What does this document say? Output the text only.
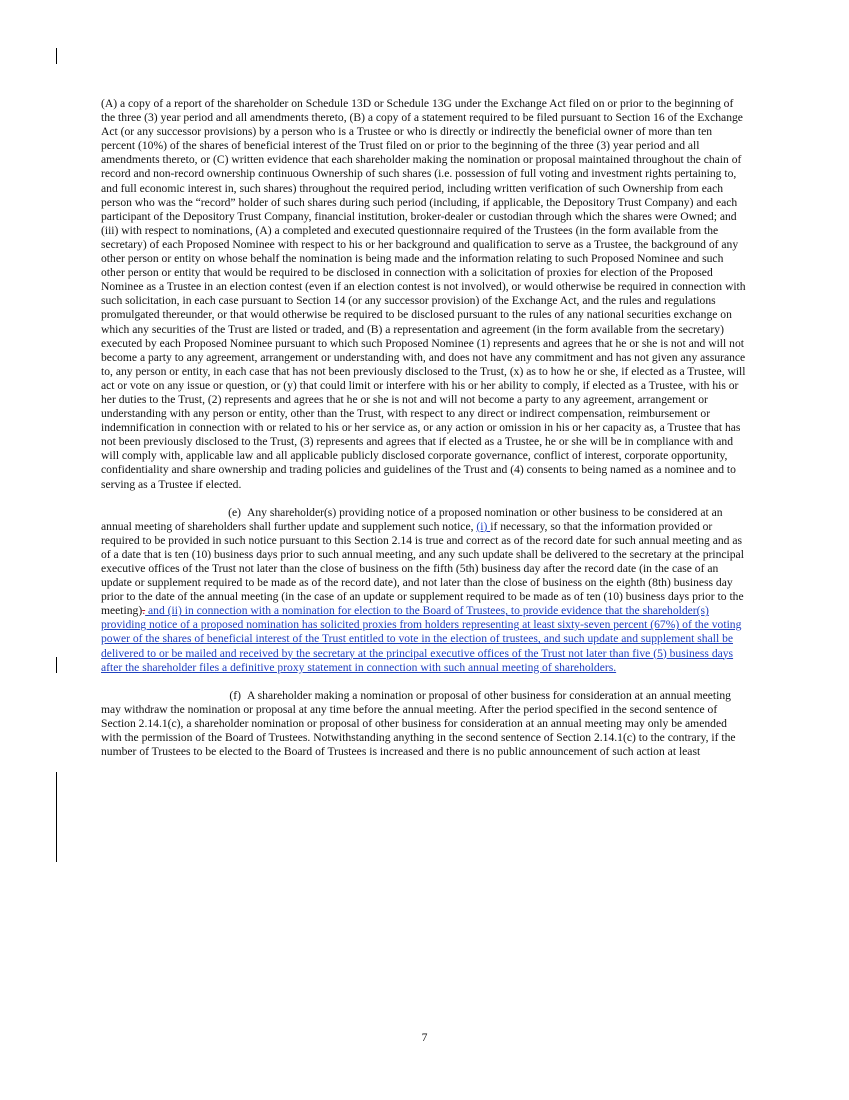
(A) a copy of a report of the shareholder on Schedule 13D or Schedule 13G under the Exchange Act filed on or prior to the beginning of the three (3) year period and all amendments thereto, (B) a copy of a statement required to be filed pursuant to Section 16 of the Exchange Act (or any successor provisions) by a person who is a Trustee or who is directly or indirectly the beneficial owner of more than ten percent (10%) of the shares of beneficial interest of the Trust filed on or prior to the beginning of the three (3) year period and all amendments thereto, or (C) written evidence that each shareholder making the nomination or proposal maintained throughout the chain of record and non-record ownership continuous Ownership of such shares (i.e. possession of full voting and investment rights pertaining to, and full economic interest in, such shares) throughout the required period, including written verification of such Ownership from each person who was the “record” holder of such shares during such period (including, if applicable, the Depository Trust Company) and each participant of the Depository Trust Company, financial institution, broker-dealer or custodian through which the shares were Owned; and (iii) with respect to nominations, (A) a completed and executed questionnaire required of the Trustees (in the form available from the secretary) of each Proposed Nominee with respect to his or her background and qualification to serve as a Trustee, the background of any other person or entity on whose behalf the nomination is being made and the information relating to such Proposed Nominee and such other person or entity that would be required to be disclosed in connection with a solicitation of proxies for election of the Proposed Nominee as a Trustee in an election contest (even if an election contest is not involved), or would otherwise be required in connection with such solicitation, in each case pursuant to Section 14 (or any successor provision) of the Exchange Act, and the rules and regulations promulgated thereunder, or that would otherwise be required to be disclosed pursuant to the rules of any national securities exchange on which any securities of the Trust are listed or traded, and (B) a representation and agreement (in the form available from the secretary) executed by each Proposed Nominee pursuant to which such Proposed Nominee (1) represents and agrees that he or she is not and will not become a party to any agreement, arrangement or understanding with, and does not have any commitment and has not given any assurance to, any person or entity, in each case that has not been previously disclosed to the Trust, (x) as to how he or she, if elected as a Trustee, will act or vote on any issue or question, or (y) that could limit or interfere with his or her ability to comply, if elected as a Trustee, with his or her duties to the Trust, (2) represents and agrees that he or she is not and will not become a party to any agreement, arrangement or understanding with any person or entity, other than the Trust, with respect to any direct or indirect compensation, reimbursement or indemnification in connection with or related to his or her service as, or any action or omission in his or her capacity as, a Trustee that has not been previously disclosed to the Trust, (3) represents and agrees that if elected as a Trustee, he or she will be in compliance with and will comply with, applicable law and all applicable publicly disclosed corporate governance, conflict of interest, corporate opportunity, confidentiality and share ownership and trading policies and guidelines of the Trust and (4) consents to being named as a nominee and to serving as a Trustee if elected.

(e) Any shareholder(s) providing notice of a proposed nomination or other business to be considered at an annual meeting of shareholders shall further update and supplement such notice, (i) if necessary, so that the information provided or required to be provided in such notice pursuant to this Section 2.14 is true and correct as of the record date for such annual meeting and as of a date that is ten (10) business days prior to such annual meeting, and any such update shall be delivered to the secretary at the principal executive offices of the Trust not later than the close of business on the fifth (5th) business day after the record date (in the case of an update or supplement required to be made as of the record date), and not later than the close of business on the eighth (8th) business day prior to the date of the annual meeting (in the case of an update or supplement required to be made as of ten (10) business days prior to the meeting). and (ii) in connection with a nomination for election to the Board of Trustees, to provide evidence that the shareholder(s) providing notice of a proposed nomination has solicited proxies from holders representing at least sixty-seven percent (67%) of the voting power of the shares of beneficial interest of the Trust entitled to vote in the election of trustees, and such update and supplement shall be delivered to or be mailed and received by the secretary at the principal executive offices of the Trust not later than five (5) business days after the shareholder files a definitive proxy statement in connection with such annual meeting of shareholders.

(f) A shareholder making a nomination or proposal of other business for consideration at an annual meeting may withdraw the nomination or proposal at any time before the annual meeting. After the period specified in the second sentence of Section 2.14.1(c), a shareholder nomination or proposal of other business for consideration at an annual meeting may only be amended with the permission of the Board of Trustees. Notwithstanding anything in the second sentence of Section 2.14.1(c) to the contrary, if the number of Trustees to be elected to the Board of Trustees is increased and there is no public announcement of such action at least

7
